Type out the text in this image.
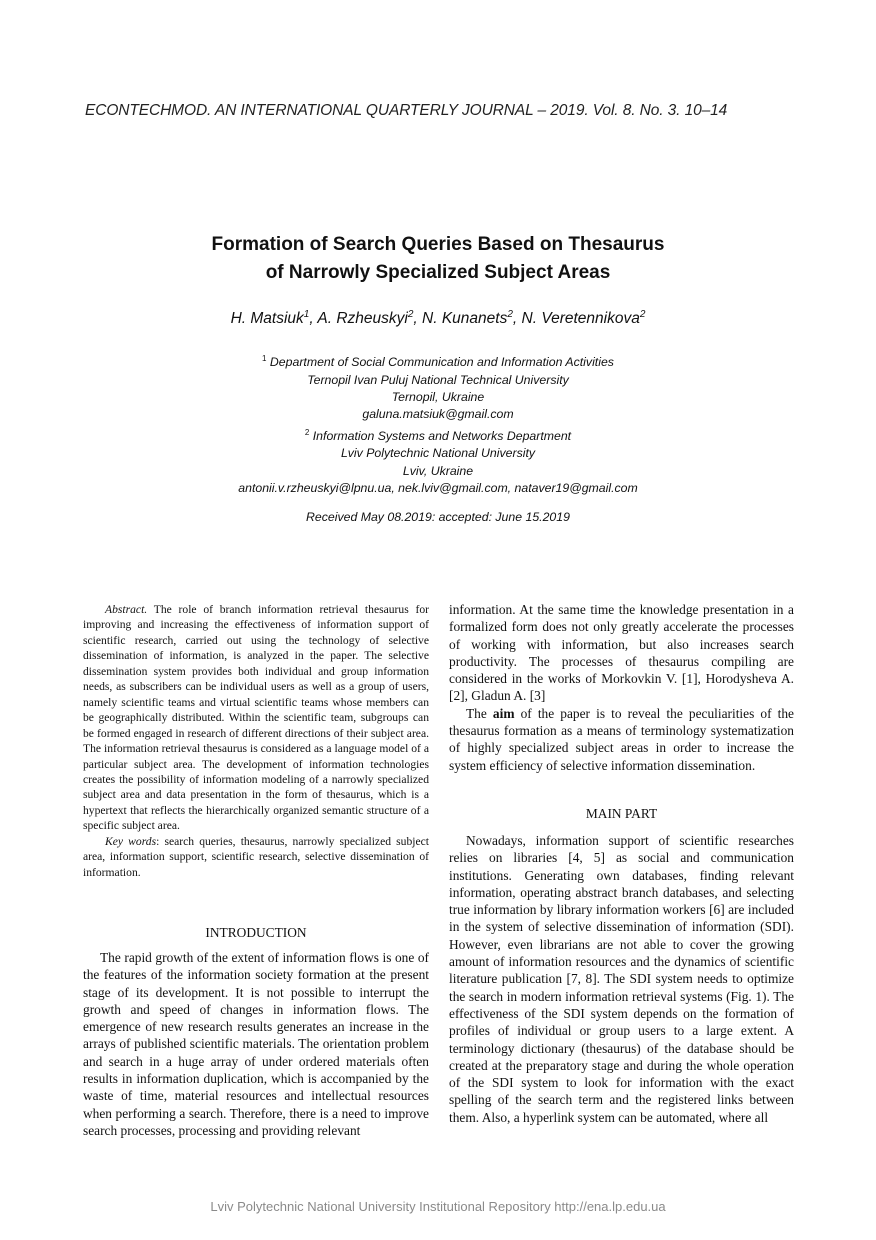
ECONTECHMOD. AN INTERNATIONAL QUARTERLY JOURNAL – 2019. Vol. 8. No. 3. 10–14
Formation of Search Queries Based on Thesaurus
of Narrowly Specialized Subject Areas
H. Matsiuk$^1$, A. Rzheuskyi$^2$, N. Kunanets$^2$, N. Veretennikova$^2$
$^1$ Department of Social Communication and Information Activities
Ternopil Ivan Puluj National Technical University
Ternopil, Ukraine
galuna.matsiuk@gmail.com
$^2$ Information Systems and Networks Department
Lviv Polytechnic National University
Lviv, Ukraine
antonii.v.rzheuskyi@lpnu.ua, nek.lviv@gmail.com, nataver19@gmail.com
Received May 08.2019: accepted: June 15.2019

Abstract. The role of branch information retrieval thesaurus for improving and increasing the effectiveness of information support of scientific research, carried out using the technology of selective dissemination of information, is analyzed in the paper. The selective dissemination system provides both individual and group information needs, as subscribers can be individual users as well as a group of users, namely scientific teams and virtual scientific teams whose members can be geographically distributed. Within the scientific team, subgroups can be formed engaged in research of different directions of their subject area. The information retrieval thesaurus is considered as a language model of a particular subject area. The development of information technologies creates the possibility of information modeling of a narrowly specialized subject area and data presentation in the form of thesaurus, which is a hypertext that reflects the hierarchically organized semantic structure of a specific subject area.

Key words: search queries, thesaurus, narrowly specialized subject area, information support, scientific research, selective dissemination of information.

INTRODUCTION

The rapid growth of the extent of information flows is one of the features of the information society formation at the present stage of its development. It is not possible to interrupt the growth and speed of changes in information flows. The emergence of new research results generates an increase in the arrays of published scientific materials. The orientation problem and search in a huge array of under ordered materials often results in information duplication, which is accompanied by the waste of time, material resources and intellectual resources when performing a search. Therefore, there is a need to improve search processes, processing and providing relevant

information. At the same time the knowledge presentation in a formalized form does not only greatly accelerate the processes of working with information, but also increases search productivity. The processes of thesaurus compiling are considered in the works of Morkovkin V. [1], Horodysheva A. [2], Gladun A. [3]

The aim of the paper is to reveal the peculiarities of the thesaurus formation as a means of terminology systematization of highly specialized subject areas in order to increase the system efficiency of selective information dissemination.

MAIN PART

Nowadays, information support of scientific researches relies on libraries [4, 5] as social and communication institutions. Generating own databases, finding relevant information, operating abstract branch databases, and selecting true information by library information workers [6] are included in the system of selective dissemination of information (SDI). However, even librarians are not able to cover the growing amount of information resources and the dynamics of scientific literature publication [7, 8]. The SDI system needs to optimize the search in modern information retrieval systems (Fig. 1). The effectiveness of the SDI system depends on the formation of profiles of individual or group users to a large extent. A terminology dictionary (thesaurus) of the database should be created at the preparatory stage and during the whole operation of the SDI system to look for information with the exact spelling of the search term and the registered links between them. Also, a hyperlink system can be automated, where all

Lviv Polytechnic National University Institutional Repository http://ena.lp.edu.ua
